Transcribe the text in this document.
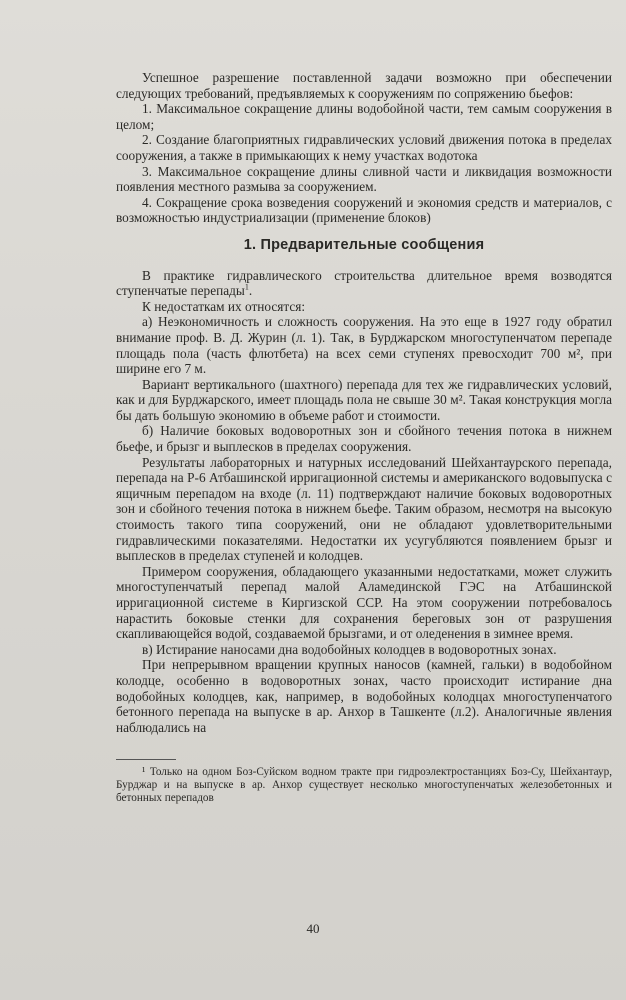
Успешное разрешение поставленной задачи возможно при обеспечении следующих требований, предъявляемых к сооружениям по сопряжению бьефов:

1. Максимальное сокращение длины водобойной части, тем самым сооружения в целом;

2. Создание благоприятных гидравлических условий движения потока в пределах сооружения, а также в примыкающих к нему участках водотока

3. Максимальное сокращение длины сливной части и ликвидация возможности появления местного размыва за сооружением.

4. Сокращение срока возведения сооружений и экономия средств и материалов, с возможностью индустриализации (применение блоков)

1. Предварительные сообщения

В практике гидравлического строительства длительное время возводятся ступенчатые перепады$^1$.

К недостаткам их относятся:

а) Неэкономичность и сложность сооружения. На это еще в 1927 году обратил внимание проф. В. Д. Журин (л. 1). Так, в Бурджарском многоступенчатом перепаде площадь пола (часть флютбета) на всех семи ступенях превосходит 700 м², при ширине его 7 м.

Вариант вертикального (шахтного) перепада для тех же гидравлических условий, как и для Бурджарского, имеет площадь пола не свыше 30 м². Такая конструкция могла бы дать большую экономию в объеме работ и стоимости.

б) Наличие боковых водоворотных зон и сбойного течения потока в нижнем бьефе, и брызг и выплесков в пределах сооружения.

Результаты лабораторных и натурных исследований Шейхантаурского перепада, перепада на Р-6 Атбашинской ирригационной системы и американского водовыпуска с ящичным перепадом на входе (л. 11) подтверждают наличие боковых водоворотных зон и сбойного течения потока в нижнем бьефе. Таким образом, несмотря на высокую стоимость такого типа сооружений, они не обладают удовлетворительными гидравлическими показателями. Недостатки их усугубляются появлением брызг и выплесков в пределах ступеней и колодцев.

Примером сооружения, обладающего указанными недостатками, может служить многоступенчатый перепад малой Аламединской ГЭС на Атбашинской ирригационной системе в Киргизской ССР. На этом сооружении потребовалось нарастить боковые стенки для сохранения береговых зон от разрушения скапливающейся водой, создаваемой брызгами, и от оледенения в зимнее время.

в) Истирание наносами дна водобойных колодцев в водоворотных зонах.

При непрерывном вращении крупных наносов (камней, гальки) в водобойном колодце, особенно в водоворотных зонах, часто происходит истирание дна водобойных колодцев, как, например, в водобойных колодцах многоступенчатого бетонного перепада на выпуске в ар. Анхор в Ташкенте (л.2). Аналогичные явления наблюдались на

¹ Только на одном Боз-Суйском водном тракте при гидроэлектростанциях Боз-Су, Шейхантаур, Бурджар и на выпуске в ар. Анхор существует несколько многоступенчатых железобетонных и бетонных перепадов

40
